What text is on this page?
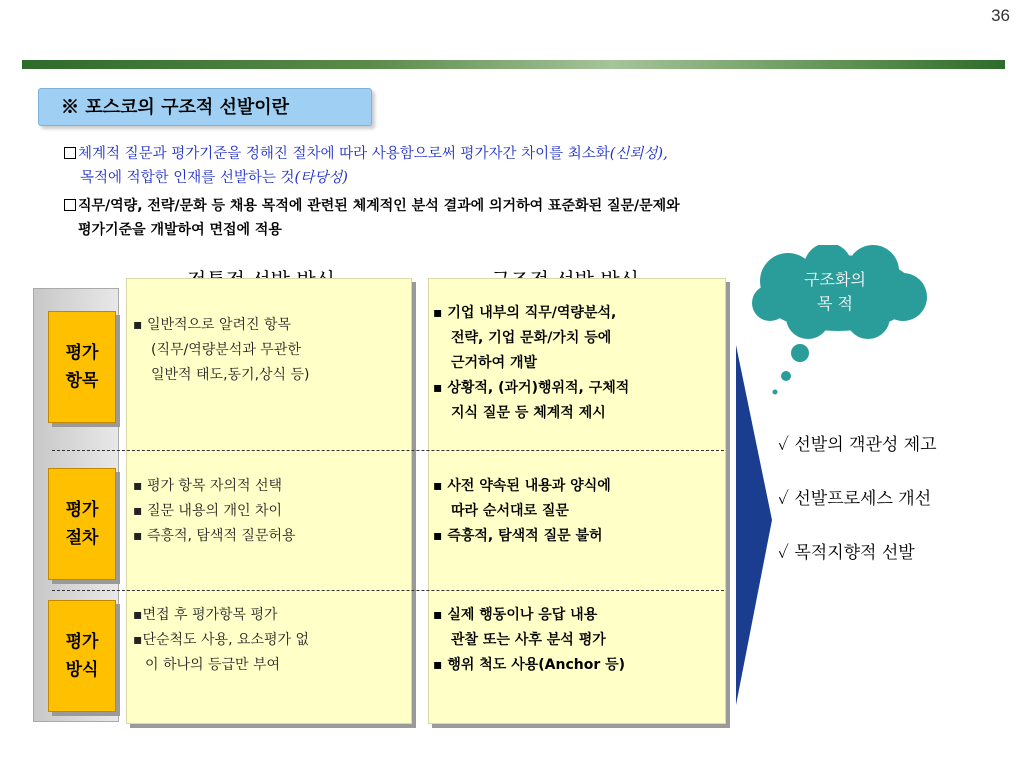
36
※ 포스코의 구조적 선발이란
체계적 질문과 평가기준을 정해진 절차에 따라 사용함으로써 평가자간 차이를 최소화(신뢰성),
목적에 적합한 인재를 선발하는 것(타당성)
직무/역량, 전략/문화 등 채용 목적에 관련된 체계적인 분석 결과에 의거하여 표준화된 질문/문제와
평가기준을 개발하여 면접에 적용
평가
항목
평가
절차
평가
방식
▪ 일반적으로 알려진 항목
(직무/역량분석과 무관한
일반적 태도,동기,상식 등)
▪ 평가 항목 자의적 선택
▪ 질문 내용의 개인 차이
▪ 즉흥적, 탐색적 질문허용
▪면접 후 평가항목 평가
▪단순척도 사용, 요소평가 없
이 하나의 등급만 부여
▪ 기업 내부의 직무/역량분석,
전략, 기업 문화/가치 등에
근거하여 개발
▪ 상황적, (과거)행위적, 구체적
지식 질문 등 체계적 제시
▪ 사전 약속된 내용과 양식에
따라 순서대로 질문
▪ 즉흥적, 탐색적 질문 불허
▪ 실제 행동이나 응답 내용
관찰 또는 사후 분석 평가
▪ 행위 척도 사용(Anchor 등)
구조화의
목 적
✓ 선발의 객관성 제고
✓ 선발프로세스 개선
✓ 목적지향적 선발
